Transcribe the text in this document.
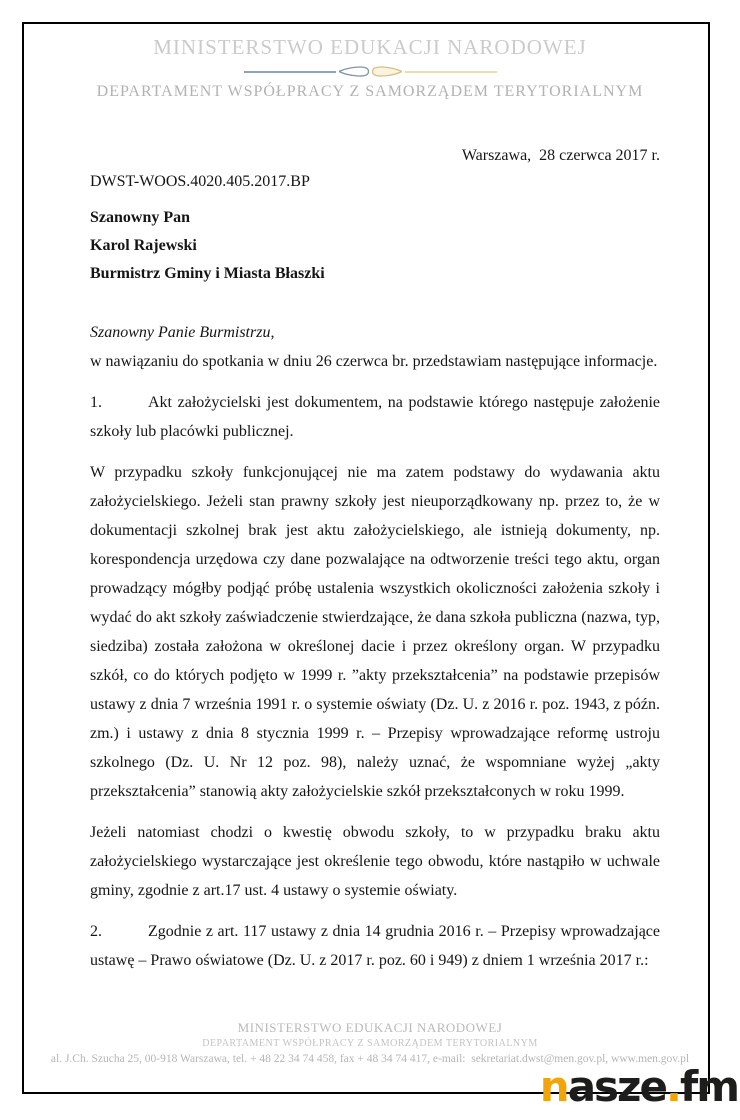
MINISTERSTWO EDUKACJI NARODOWEJ
DEPARTAMENT WSPÓŁPRACY Z SAMORZĄDEM TERYTORIALNYM
Warszawa,  28 czerwca 2017 r.
DWST-WOOS.4020.405.2017.BP
Szanowny Pan
Karol Rajewski
Burmistrz Gminy i Miasta Błaszki
Szanowny Panie Burmistrzu,
w nawiązaniu do spotkania w dniu 26 czerwca br. przedstawiam następujące informacje.

1.	Akt założycielski jest dokumentem, na podstawie którego następuje założenie szkoły lub placówki publicznej.

W przypadku szkoły funkcjonującej nie ma zatem podstawy do wydawania aktu założycielskiego. Jeżeli stan prawny szkoły jest nieuporządkowany np. przez to, że w dokumentacji szkolnej brak jest aktu założycielskiego, ale istnieją dokumenty, np. korespondencja urzędowa czy dane pozwalające na odtworzenie treści tego aktu, organ prowadzący mógłby podjąć próbę ustalenia wszystkich okoliczności założenia szkoły i wydać do akt szkoły zaświadczenie stwierdzające, że dana szkoła publiczna (nazwa, typ, siedziba) została założona w określonej dacie i przez określony organ. W przypadku szkół, co do których podjęto w 1999 r. ”akty przekształcenia” na podstawie przepisów ustawy z dnia 7 września 1991 r. o systemie oświaty (Dz. U. z 2016 r. poz. 1943, z późn. zm.) i ustawy z dnia 8 stycznia 1999 r. – Przepisy wprowadzające reformę ustroju szkolnego (Dz. U. Nr 12 poz. 98), należy uznać, że wspomniane wyżej „akty przekształcenia” stanowią akty założycielskie szkół przekształconych w roku 1999.

Jeżeli natomiast chodzi o kwestię obwodu szkoły, to w przypadku braku aktu założycielskiego wystarczające jest określenie tego obwodu, które nastąpiło w uchwale gminy, zgodnie z art.17 ust. 4 ustawy o systemie oświaty.

2.	Zgodnie z art. 117 ustawy z dnia 14 grudnia 2016 r. – Przepisy wprowadzające ustawę – Prawo oświatowe (Dz. U. z 2017 r. poz. 60 i 949) z dniem 1 września 2017 r.:

MINISTERSTWO EDUKACJI NARODOWEJ
DEPARTAMENT WSPÓŁPRACY Z SAMORZĄDEM TERYTORIALNYM
al. J.Ch. Szucha 25, 00-918 Warszawa, tel. + 48 22 34 74 458, fax + 48 34 74 417, e-mail:  sekretariat.dwst@men.gov.pl, www.men.gov.pl
nasze.fm
